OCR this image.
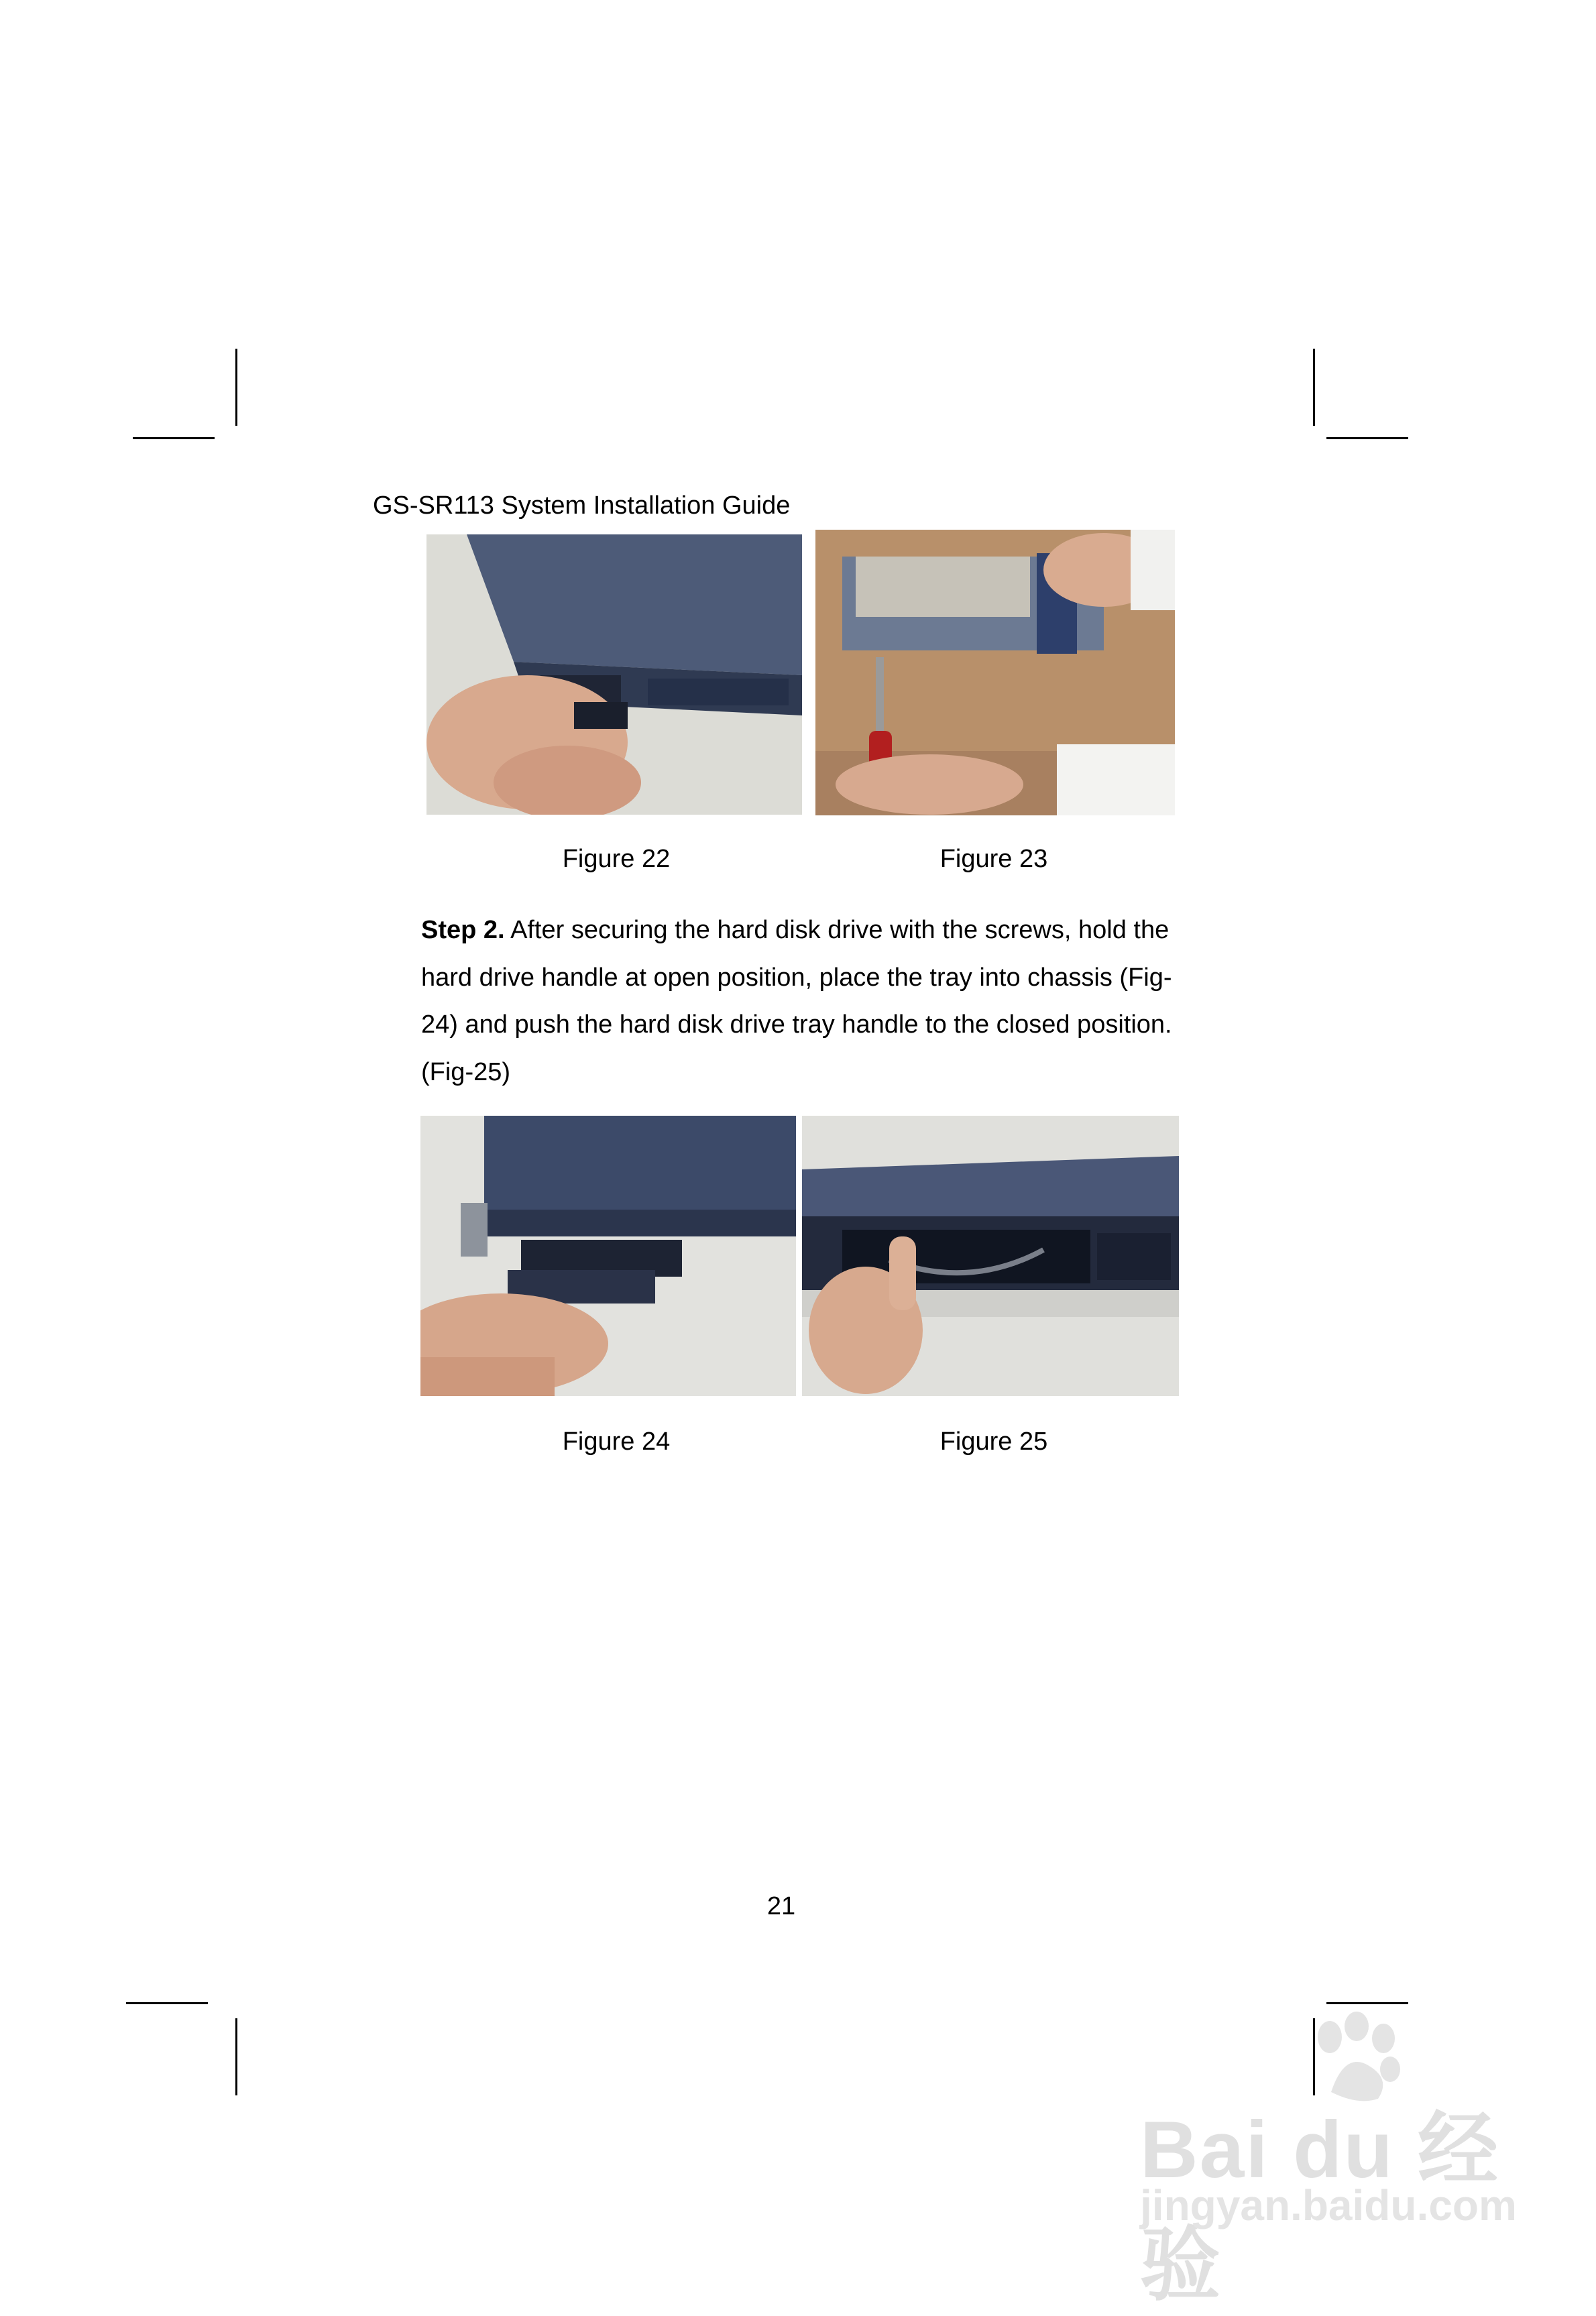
GS-SR113 System Installation Guide
Figure 22	Figure 23
Step 2. After securing the hard disk drive with the screws, hold the hard drive handle at open position, place the tray into chassis (Fig-24) and push the hard disk drive tray handle to the closed position. (Fig-25)
Figure 24	Figure 25
21
Bai du 经验
jingyan.baidu.com
